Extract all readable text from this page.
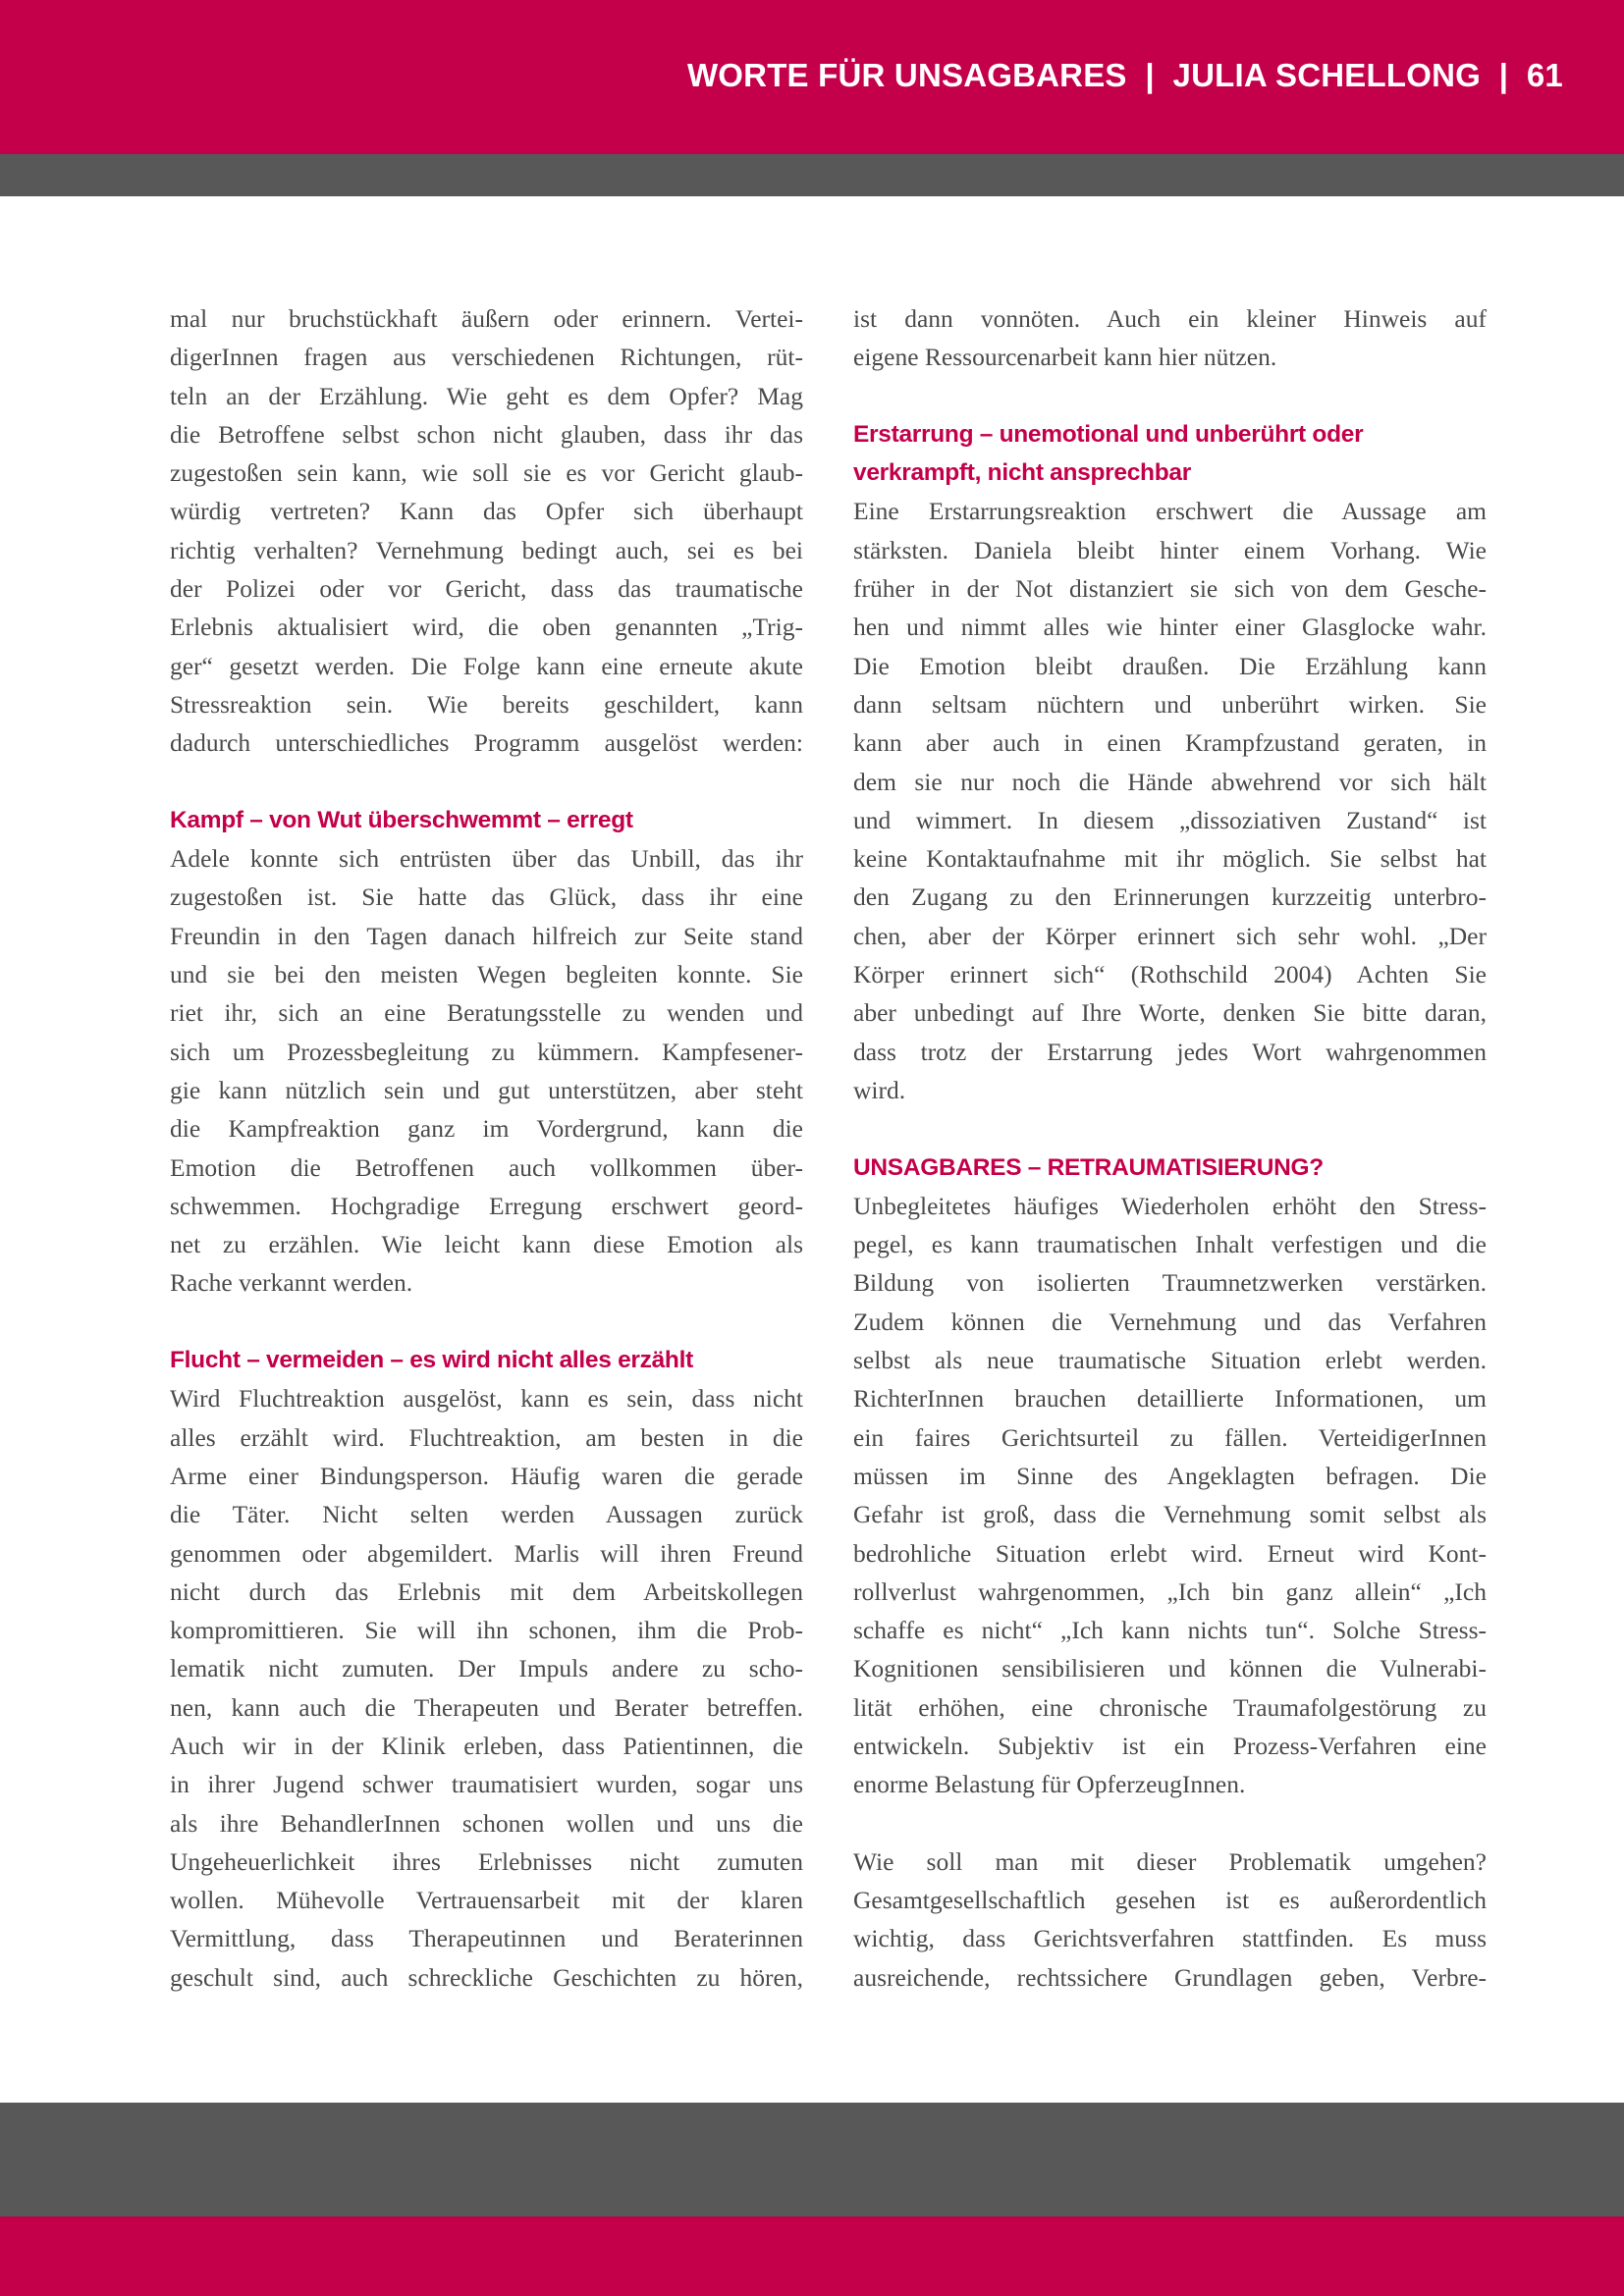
WORTE FÜR UNSAGBARES  |  JULIA SCHELLONG  |  61
mal nur bruchstückhaft äußern oder erinnern. Vertei-
digerInnen fragen aus verschiedenen Richtungen, rüt-
teln an der Erzählung. Wie geht es dem Opfer? Mag
die Betroffene selbst schon nicht glauben, dass ihr das
zugestoßen sein kann, wie soll sie es vor Gericht glaub-
würdig vertreten? Kann das Opfer sich überhaupt
richtig verhalten? Vernehmung bedingt auch, sei es bei
der Polizei oder vor Gericht, dass das traumatische
Erlebnis aktualisiert wird, die oben genannten „Trig-
ger“ gesetzt werden. Die Folge kann eine erneute akute
Stressreaktion sein. Wie bereits geschildert, kann
dadurch unterschiedliches Programm ausgelöst werden:
Kampf – von Wut überschwemmt – erregt
Adele konnte sich entrüsten über das Unbill, das ihr
zugestoßen ist. Sie hatte das Glück, dass ihr eine
Freundin in den Tagen danach hilfreich zur Seite stand
und sie bei den meisten Wegen begleiten konnte. Sie
riet ihr, sich an eine Beratungsstelle zu wenden und
sich um Prozessbegleitung zu kümmern. Kampfesener-
gie kann nützlich sein und gut unterstützen, aber steht
die Kampfreaktion ganz im Vordergrund, kann die
Emotion die Betroffenen auch vollkommen über-
schwemmen. Hochgradige Erregung erschwert geord-
net zu erzählen. Wie leicht kann diese Emotion als
Rache verkannt werden.
Flucht – vermeiden – es wird nicht alles erzählt
Wird Fluchtreaktion ausgelöst, kann es sein, dass nicht
alles erzählt wird. Fluchtreaktion, am besten in die
Arme einer Bindungsperson. Häufig waren die gerade
die Täter. Nicht selten werden Aussagen zurück
genommen oder abgemildert. Marlis will ihren Freund
nicht durch das Erlebnis mit dem Arbeitskollegen
kompromittieren. Sie will ihn schonen, ihm die Prob-
lematik nicht zumuten. Der Impuls andere zu scho-
nen, kann auch die Therapeuten und Berater betreffen.
Auch wir in der Klinik erleben, dass Patientinnen, die
in ihrer Jugend schwer traumatisiert wurden, sogar uns
als ihre BehandlerInnen schonen wollen und uns die
Ungeheuerlichkeit ihres Erlebnisses nicht zumuten
wollen. Mühevolle Vertrauensarbeit mit der klaren
Vermittlung, dass Therapeutinnen und Beraterinnen
geschult sind, auch schreckliche Geschichten zu hören,
ist dann vonnöten. Auch ein kleiner Hinweis auf
eigene Ressourcenarbeit kann hier nützen.
Erstarrung – unemotional und unberührt oder
verkrampft, nicht ansprechbar
Eine Erstarrungsreaktion erschwert die Aussage am
stärksten. Daniela bleibt hinter einem Vorhang. Wie
früher in der Not distanziert sie sich von dem Gesche-
hen und nimmt alles wie hinter einer Glasglocke wahr.
Die Emotion bleibt draußen. Die Erzählung kann
dann seltsam nüchtern und unberührt wirken. Sie
kann aber auch in einen Krampfzustand geraten, in
dem sie nur noch die Hände abwehrend vor sich hält
und wimmert. In diesem „dissoziativen Zustand“ ist
keine Kontaktaufnahme mit ihr möglich. Sie selbst hat
den Zugang zu den Erinnerungen kurzzeitig unterbro-
chen, aber der Körper erinnert sich sehr wohl. „Der
Körper erinnert sich“ (Rothschild 2004) Achten Sie
aber unbedingt auf Ihre Worte, denken Sie bitte daran,
dass trotz der Erstarrung jedes Wort wahrgenommen
wird.
UNSAGBARES – RETRAUMATISIERUNG?
Unbegleitetes häufiges Wiederholen erhöht den Stress-
pegel, es kann traumatischen Inhalt verfestigen und die
Bildung von isolierten Traumnetzwerken verstärken.
Zudem können die Vernehmung und das Verfahren
selbst als neue traumatische Situation erlebt werden.
RichterInnen brauchen detaillierte Informationen, um
ein faires Gerichtsurteil zu fällen. VerteidigerInnen
müssen im Sinne des Angeklagten befragen. Die
Gefahr ist groß, dass die Vernehmung somit selbst als
bedrohliche Situation erlebt wird. Erneut wird Kont-
rollverlust wahrgenommen, „Ich bin ganz allein“ „Ich
schaffe es nicht“ „Ich kann nichts tun“. Solche Stress-
Kognitionen sensibilisieren und können die Vulnerabi-
lität erhöhen, eine chronische Traumafolgestörung zu
entwickeln. Subjektiv ist ein Prozess-Verfahren eine
enorme Belastung für OpferzeugInnen.
Wie soll man mit dieser Problematik umgehen?
Gesamtgesellschaftlich gesehen ist es außerordentlich
wichtig, dass Gerichtsverfahren stattfinden. Es muss
ausreichende, rechtssichere Grundlagen geben, Verbre-
